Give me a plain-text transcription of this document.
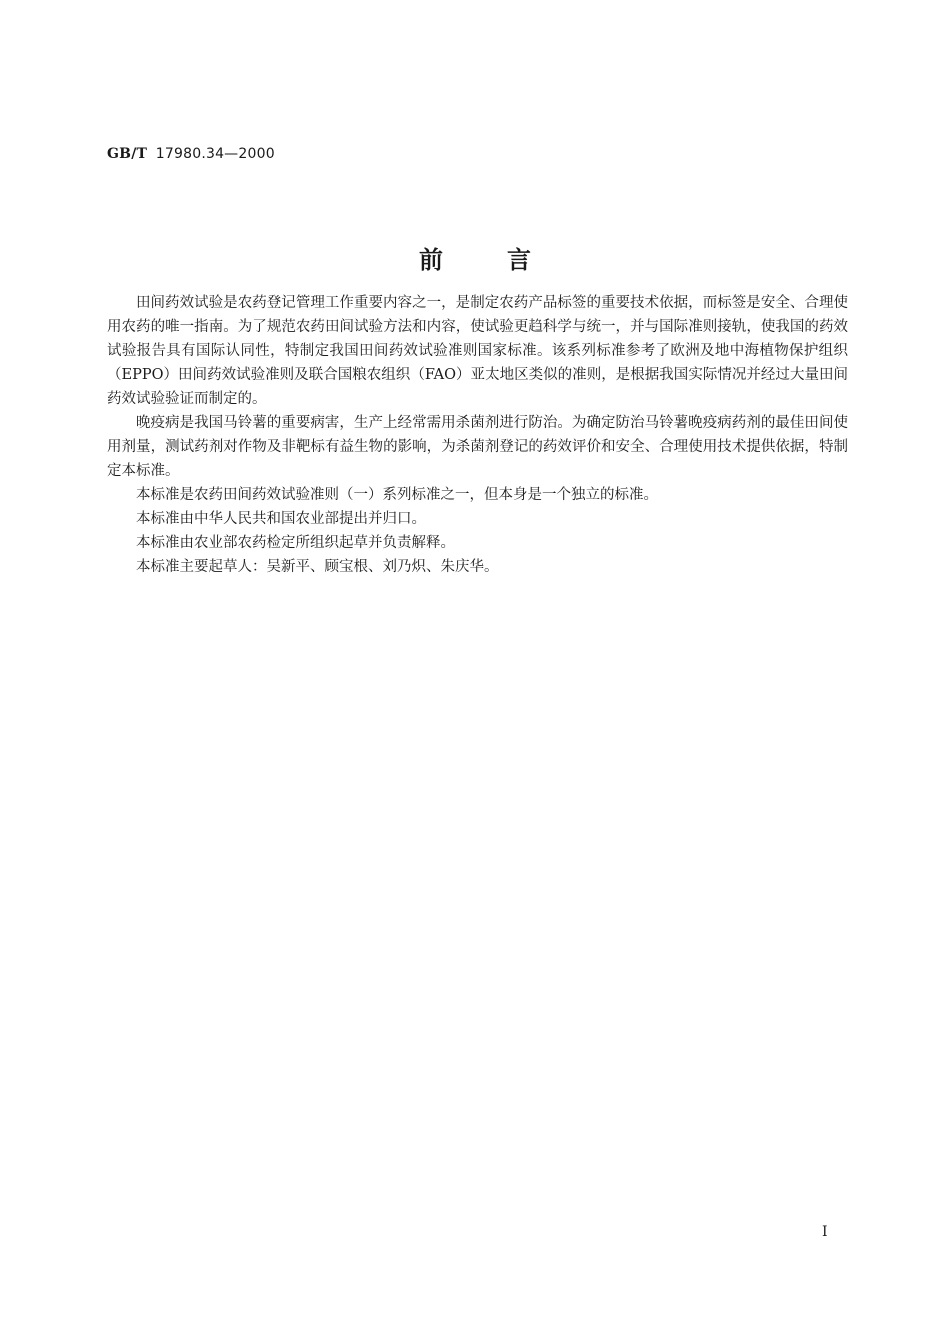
GB/T 17980.34—2000
前	言

田间药效试验是农药登记管理工作重要内容之一，是制定农药产品标签的重要技术依据，而标签是安全、合理使用农药的唯一指南。为了规范农药田间试验方法和内容，使试验更趋科学与统一，并与国际准则接轨，使我国的药效试验报告具有国际认同性，特制定我国田间药效试验准则国家标准。该系列标准参考了欧洲及地中海植物保护组织（EPPO）田间药效试验准则及联合国粮农组织（FAO）亚太地区类似的准则，是根据我国实际情况并经过大量田间药效试验验证而制定的。

晚疫病是我国马铃薯的重要病害，生产上经常需用杀菌剂进行防治。为确定防治马铃薯晚疫病药剂的最佳田间使用剂量，测试药剂对作物及非靶标有益生物的影响，为杀菌剂登记的药效评价和安全、合理使用技术提供依据，特制定本标准。

本标准是农药田间药效试验准则（一）系列标准之一，但本身是一个独立的标准。

本标准由中华人民共和国农业部提出并归口。

本标准由农业部农药检定所组织起草并负责解释。

本标准主要起草人：吴新平、顾宝根、刘乃炽、朱庆华。

I
